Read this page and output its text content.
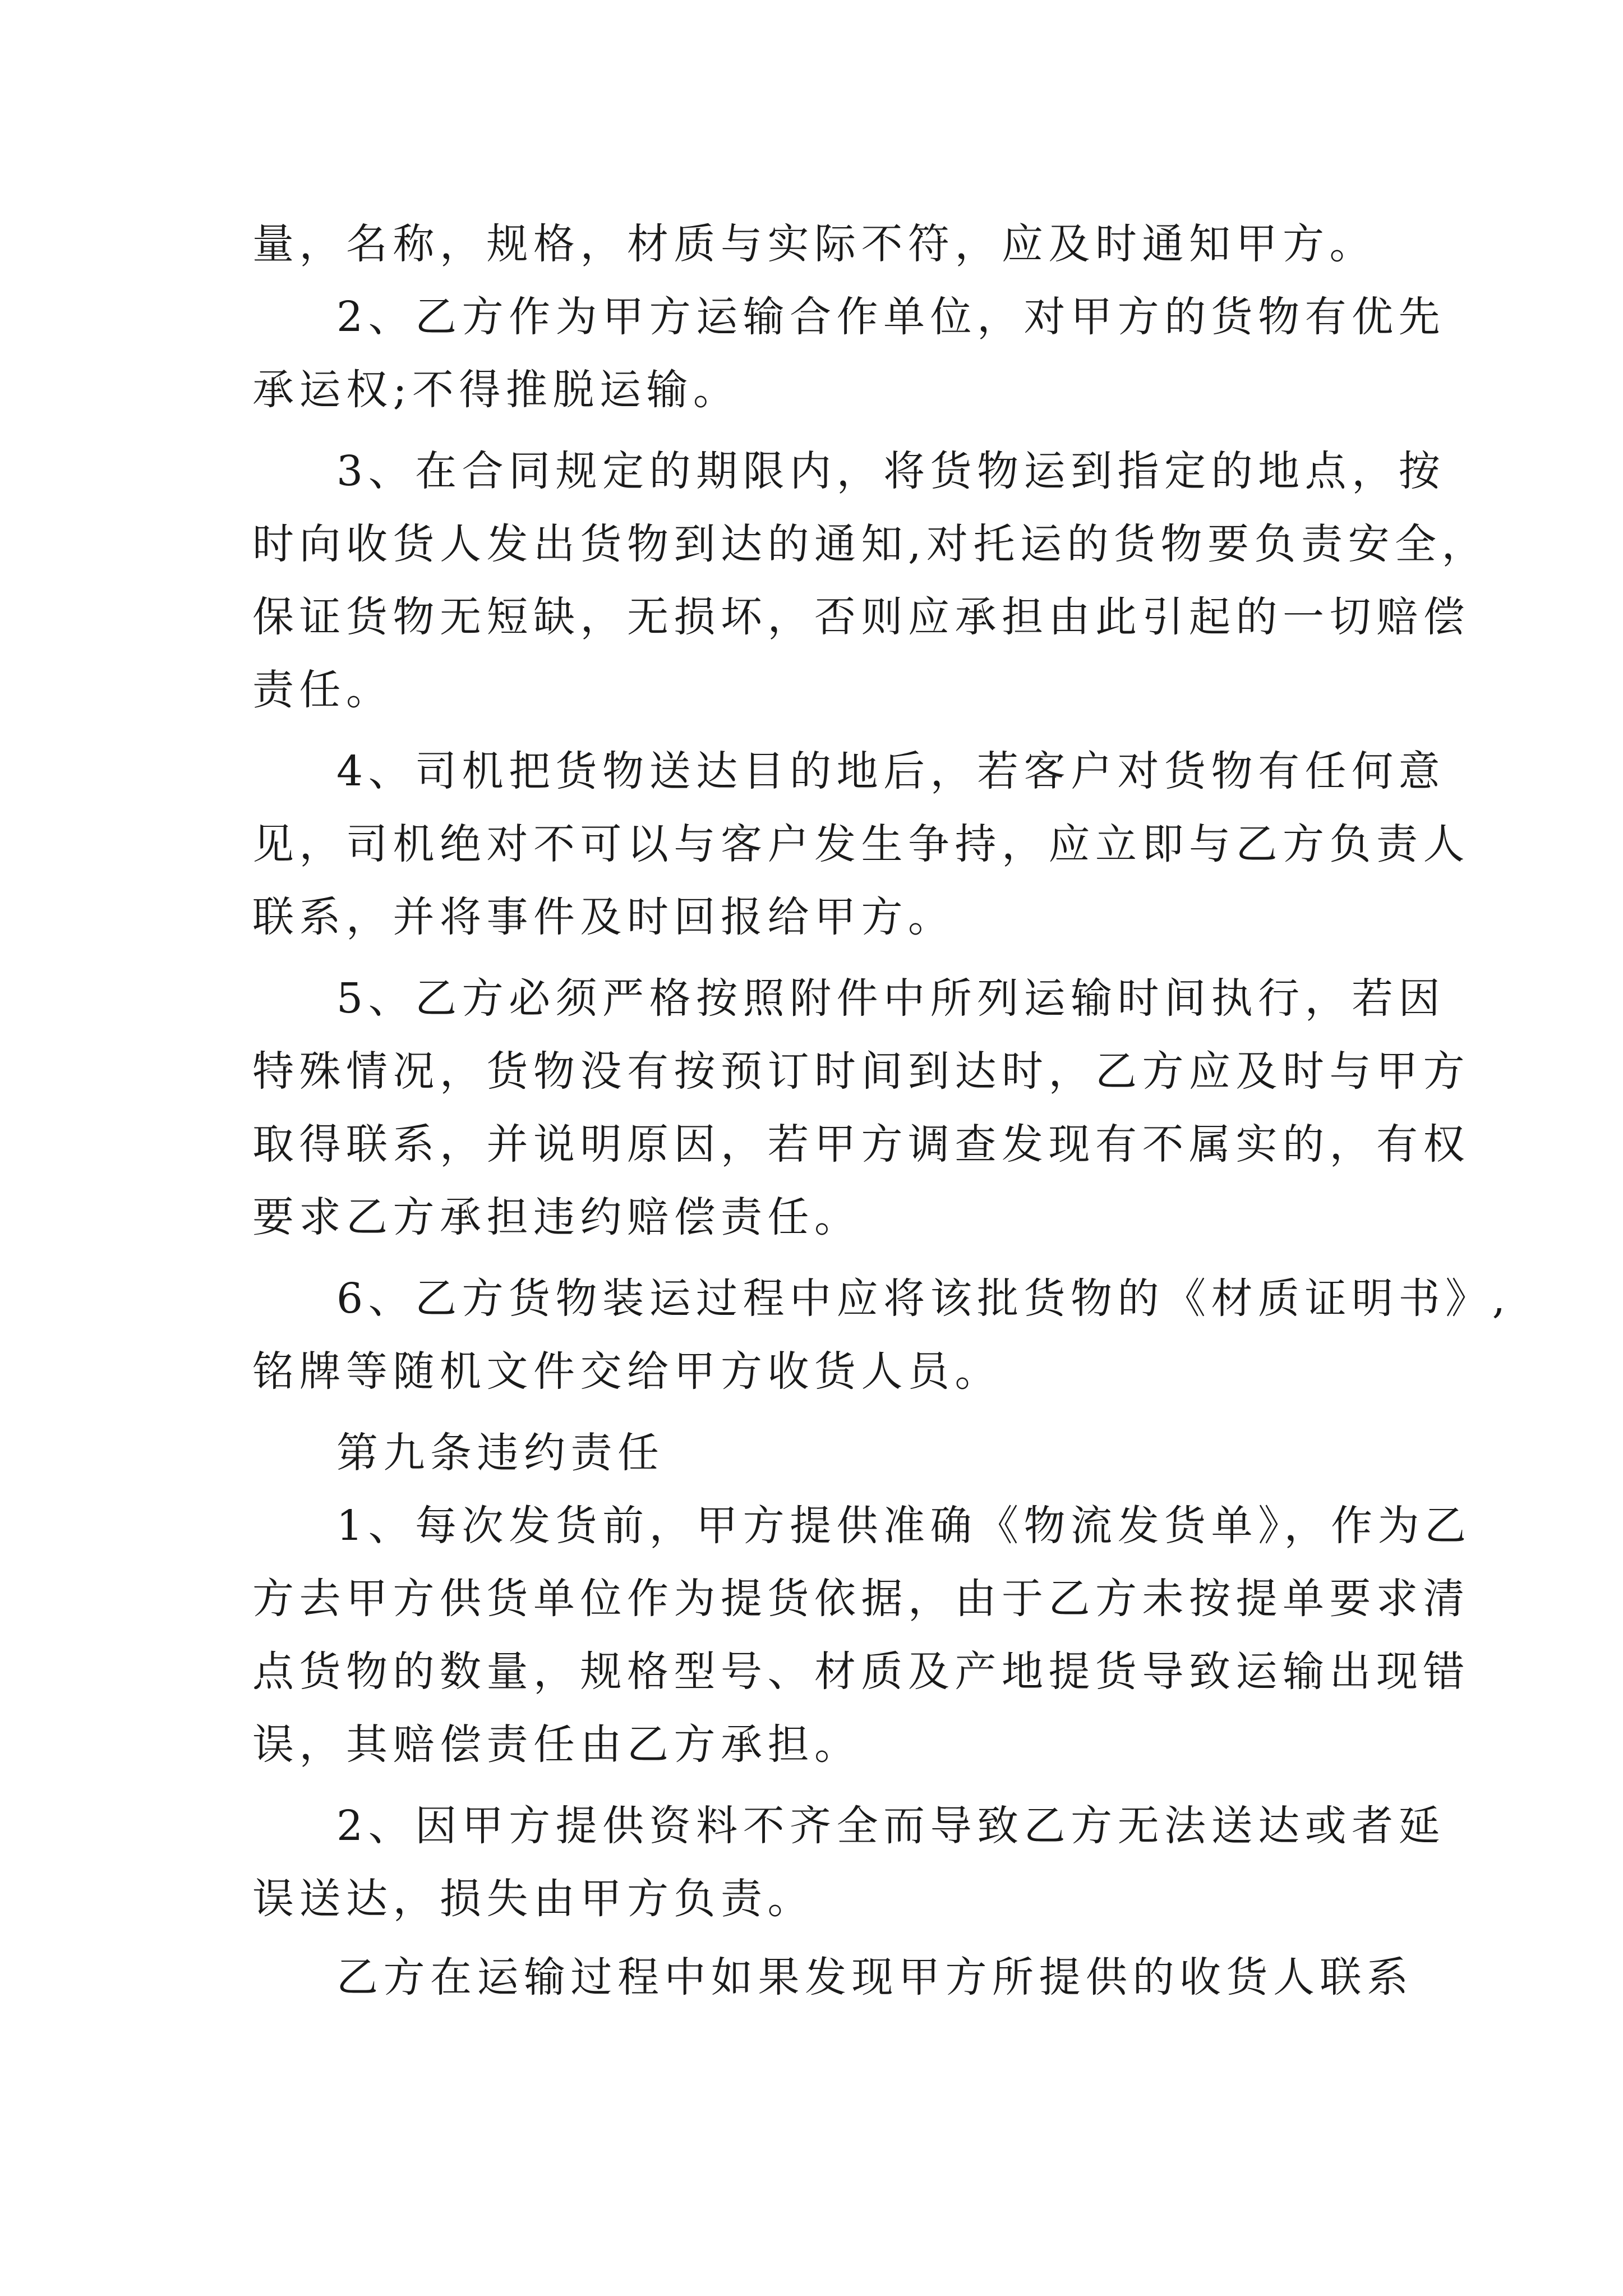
量，名称，规格，材质与实际不符，应及时通知甲方。

2、乙方作为甲方运输合作单位，对甲方的货物有优先

承运权;不得推脱运输。

3、在合同规定的期限内，将货物运到指定的地点，按

时向收货人发出货物到达的通知,对托运的货物要负责安全，

保证货物无短缺，无损坏，否则应承担由此引起的一切赔偿

责任。

4、司机把货物送达目的地后，若客户对货物有任何意

见，司机绝对不可以与客户发生争持，应立即与乙方负责人

联系，并将事件及时回报给甲方。

5、乙方必须严格按照附件中所列运输时间执行，若因

特殊情况，货物没有按预订时间到达时，乙方应及时与甲方

取得联系，并说明原因，若甲方调查发现有不属实的，有权

要求乙方承担违约赔偿责任。

6、乙方货物装运过程中应将该批货物的《材质证明书》,

铭牌等随机文件交给甲方收货人员。

第九条违约责任

1、每次发货前，甲方提供准确《物流发货单》，作为乙

方去甲方供货单位作为提货依据，由于乙方未按提单要求清

点货物的数量，规格型号、材质及产地提货导致运输出现错

误，其赔偿责任由乙方承担。

2、因甲方提供资料不齐全而导致乙方无法送达或者延

误送达，损失由甲方负责。

乙方在运输过程中如果发现甲方所提供的收货人联系
